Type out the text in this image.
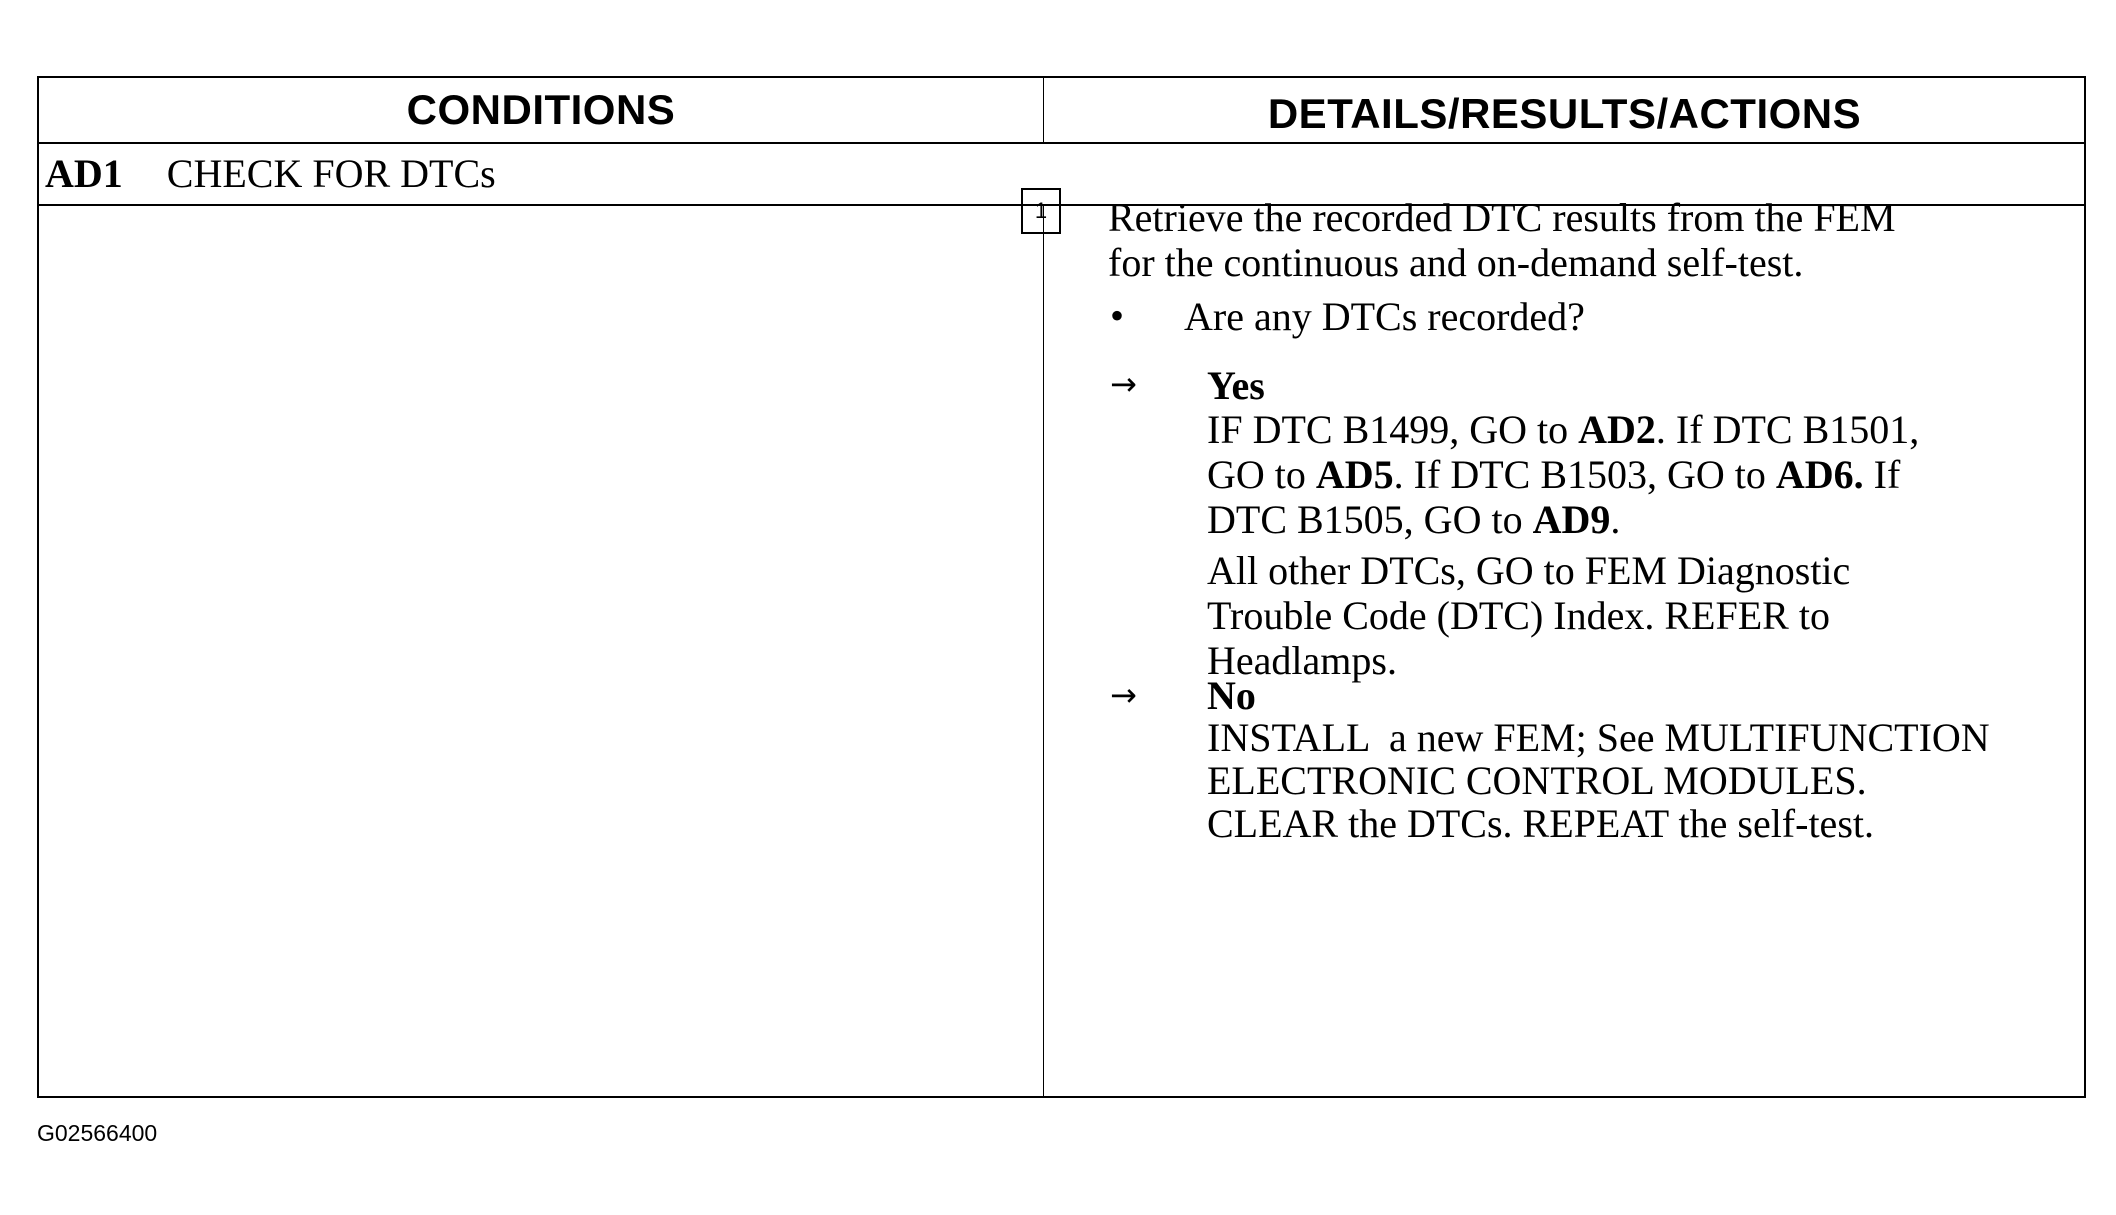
CONDITIONS	DETAILS/RESULTS/ACTIONS
AD1 CHECK FOR DTCs
1	Retrieve the recorded DTC results from the FEM
for the continuous and on-demand self-test.
• Are any DTCs recorded?
→ Yes
IF DTC B1499, GO to AD2. If DTC B1501,
GO to AD5. If DTC B1503, GO to AD6. If
DTC B1505, GO to AD9.
All other DTCs, GO to FEM Diagnostic
Trouble Code (DTC) Index. REFER to
Headlamps.
→ No
INSTALL  a new FEM; See MULTIFUNCTION
ELECTRONIC CONTROL MODULES.
CLEAR the DTCs. REPEAT the self-test.
G02566400
